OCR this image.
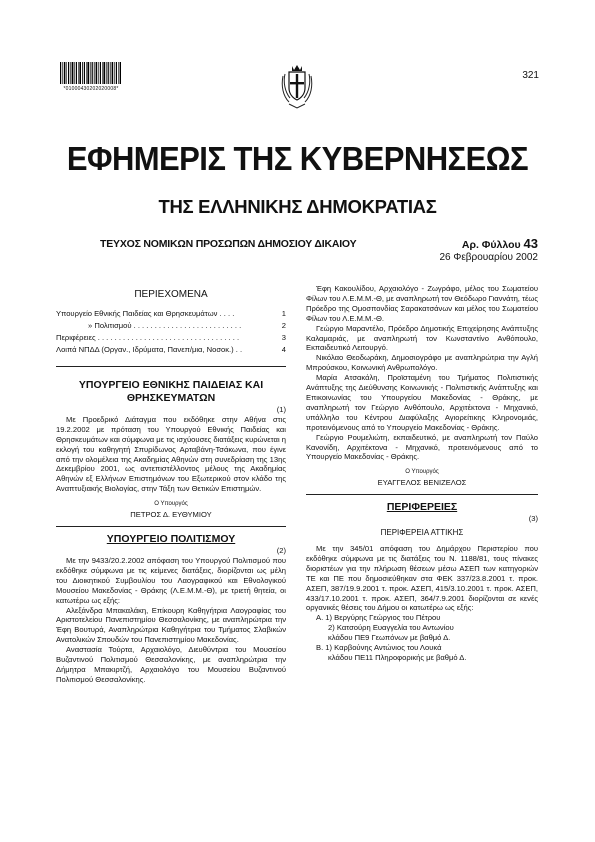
*01000430202020008*
321
ΕΦΗΜΕΡΙΣ ΤΗΣ ΚΥΒΕΡΝΗΣΕΩΣ
ΤΗΣ ΕΛΛΗΝΙΚΗΣ ΔΗΜΟΚΡΑΤΙΑΣ
ΤΕΥΧΟΣ ΝΟΜΙΚΩΝ ΠΡΟΣΩΠΩΝ ΔΗΜΟΣΙΟΥ ΔΙΚΑΙΟΥ	Αρ. Φύλλου 43
26 Φεβρουαρίου 2002
ΠΕΡΙΕΧΟΜΕΝΑ
Υπουργείο Εθνικής Παιδείας και Θρησκευμάτων . . . .	1
» Πολιτισμού . . . . . . . . . . . . . . . . . . . . . . . . . .	2
Περιφέρειες . . . . . . . . . . . . . . . . . . . . . . . . . . . . . . . . . .	3
Λοιπά ΝΠΔΔ (Οργαν., Ιδρύματα, Πανεπ/μια, Νοσοκ.) . .	4
ΥΠΟΥΡΓΕΙΟ ΕΘΝΙΚΗΣ ΠΑΙΔΕΙΑΣ ΚΑΙ ΘΡΗΣΚΕΥΜΑΤΩΝ
(1)

Με Προεδρικό Διάταγμα που εκδόθηκε στην Αθήνα στις 19.2.2002 με πρόταση του Υπουργού Εθνικής Παιδείας και Θρησκευμάτων και σύμφωνα με τις ισχύουσες διατάξεις κυρώνεται η εκλογή του καθηγητή Σπυρίδωνος Αρταβάνη-Τσάκωνα, που έγινε από την ολομέλεια της Ακαδημίας Αθηνών στη συνεδρίαση της 13ης Δεκεμβρίου 2001, ως αντεπιστέλλοντος μέλους της Ακαδημίας Αθηνών εξ Ελλήνων Επιστημόνων του Εξωτερικού στον κλάδο της Αναπτυξιακής Βιολογίας, στην Τάξη των Θετικών Επιστημών.

Ο Υπουργός
ΠΕΤΡΟΣ Δ. ΕΥΘΥΜΙΟΥ
ΥΠΟΥΡΓΕΙΟ ΠΟΛΙΤΙΣΜΟΥ
(2)

Με την 9433/20.2.2002 απόφαση του Υπουργού Πολιτισμού που εκδόθηκε σύμφωνα με τις κείμενες διατάξεις, διορίζονται ως μέλη του Διοικητικού Συμβουλίου του Λαογραφικού και Εθνολογικού Μουσείου Μακεδονίας - Θράκης (Λ.Ε.Μ.Μ.-Θ), με τριετή θητεία, οι κατωτέρω ως εξής:

Αλεξάνδρα Μπακαλάκη, Επίκουρη Καθηγήτρια Λαογραφίας του Αριστοτελείου Πανεπιστημίου Θεσσαλονίκης, με αναπληρώτρια την Έφη Βουτυρά, Αναπληρώτρια Καθηγήτρια του Τμήματος Σλαβικών Ανατολικών Σπουδών του Πανεπιστημίου Μακεδονίας.

Αναστασία Τούρτα, Αρχαιολόγο, Διευθύντρια του Μουσείου Βυζαντινού Πολιτισμού Θεσσαλονίκης, με αναπληρώτρια την Δήμητρα Μπακιρτζή, Αρχαιολόγο του Μουσείου Βυζαντινού Πολιτισμού Θεσσαλονίκης.

Έφη Κακουλίδου, Αρχαιολόγο - Ζωγράφο, μέλος του Σωματείου Φίλων του Λ.Ε.Μ.Μ.-Θ, με αναπληρωτή τον Θεόδωρο Γιαννάτη, τέως Πρόεδρο της Ομοσπονδίας Σαρακατσάνων και μέλος του Σωματείου Φίλων του Λ.Ε.Μ.Μ.-Θ.

Γεώργιο Μαραντέλο, Πρόεδρο Δημοτικής Επιχείρησης Ανάπτυξης Καλαμαριάς, με αναπληρωτή τον Κωνσταντίνο Ανθόπουλο, Εκπαιδευτικό Λειτουργό.

Νικόλαο Θεοδωράκη, Δημοσιογράφο με αναπληρώτρια την Αγλή Μπρούσκου, Κοινωνική Ανθρωπολόγο.

Μαρία Ατσακάλη, Προϊσταμένη του Τμήματος Πολιτιστικής Ανάπτυξης της Διεύθυνσης Κοινωνικής - Πολιτιστικής Ανάπτυξης και Επικοινωνίας του Υπουργείου Μακεδονίας - Θράκης, με αναπληρωτή τον Γεώργιο Ανθόπουλο, Αρχιτέκτονα - Μηχανικό, υπάλληλο του Κέντρου Διαφύλαξης Αγιορείτικης Κληρονομιάς, προτεινόμενους από το Υπουργείο Μακεδονίας - Θράκης.

Γεώργιο Ρουμελιώτη, εκπαιδευτικό, με αναπληρωτή τον Παύλο Κανονίδη, Αρχιτέκτονα - Μηχανικό, προτεινόμενους από το Υπουργείο Μακεδονίας - Θράκης.

Ο Υπουργός
ΕΥΑΓΓΕΛΟΣ ΒΕΝΙΖΕΛΟΣ
ΠΕΡΙΦΕΡΕΙΕΣ
(3)
ΠΕΡΙΦΕΡΕΙΑ ΑΤΤΙΚΗΣ

Με την 345/01 απόφαση του Δημάρχου Περιστερίου που εκδόθηκε σύμφωνα με τις διατάξεις του Ν. 1188/81, τους πίνακες διοριστέων για την πλήρωση θέσεων μέσω ΑΣΕΠ των κατηγοριών ΤΕ και ΠΕ που δημοσιεύθηκαν στα ΦΕΚ 337/23.8.2001 τ. προκ. ΑΣΕΠ, 387/19.9.2001 τ. προκ. ΑΣΕΠ, 415/3.10.2001 τ. προκ. ΑΣΕΠ, 433/17.10.2001 τ. προκ. ΑΣΕΠ, 364/7.9.2001 διορίζονται σε κενές οργανικές θέσεις του Δήμου οι κατωτέρω ως εξής:

Α. 1) Βεργύρης Γεώργιος του Πέτρου

2) Κατσούρη Ευαγγελία του Αντωνίου

κλάδου ΠΕ9 Γεωπόνων με βαθμό Δ.

Β. 1) Καρβούνης Αντώνιος του Λουκά

κλάδου ΠΕ11 Πληροφορικής με βαθμό Δ.
